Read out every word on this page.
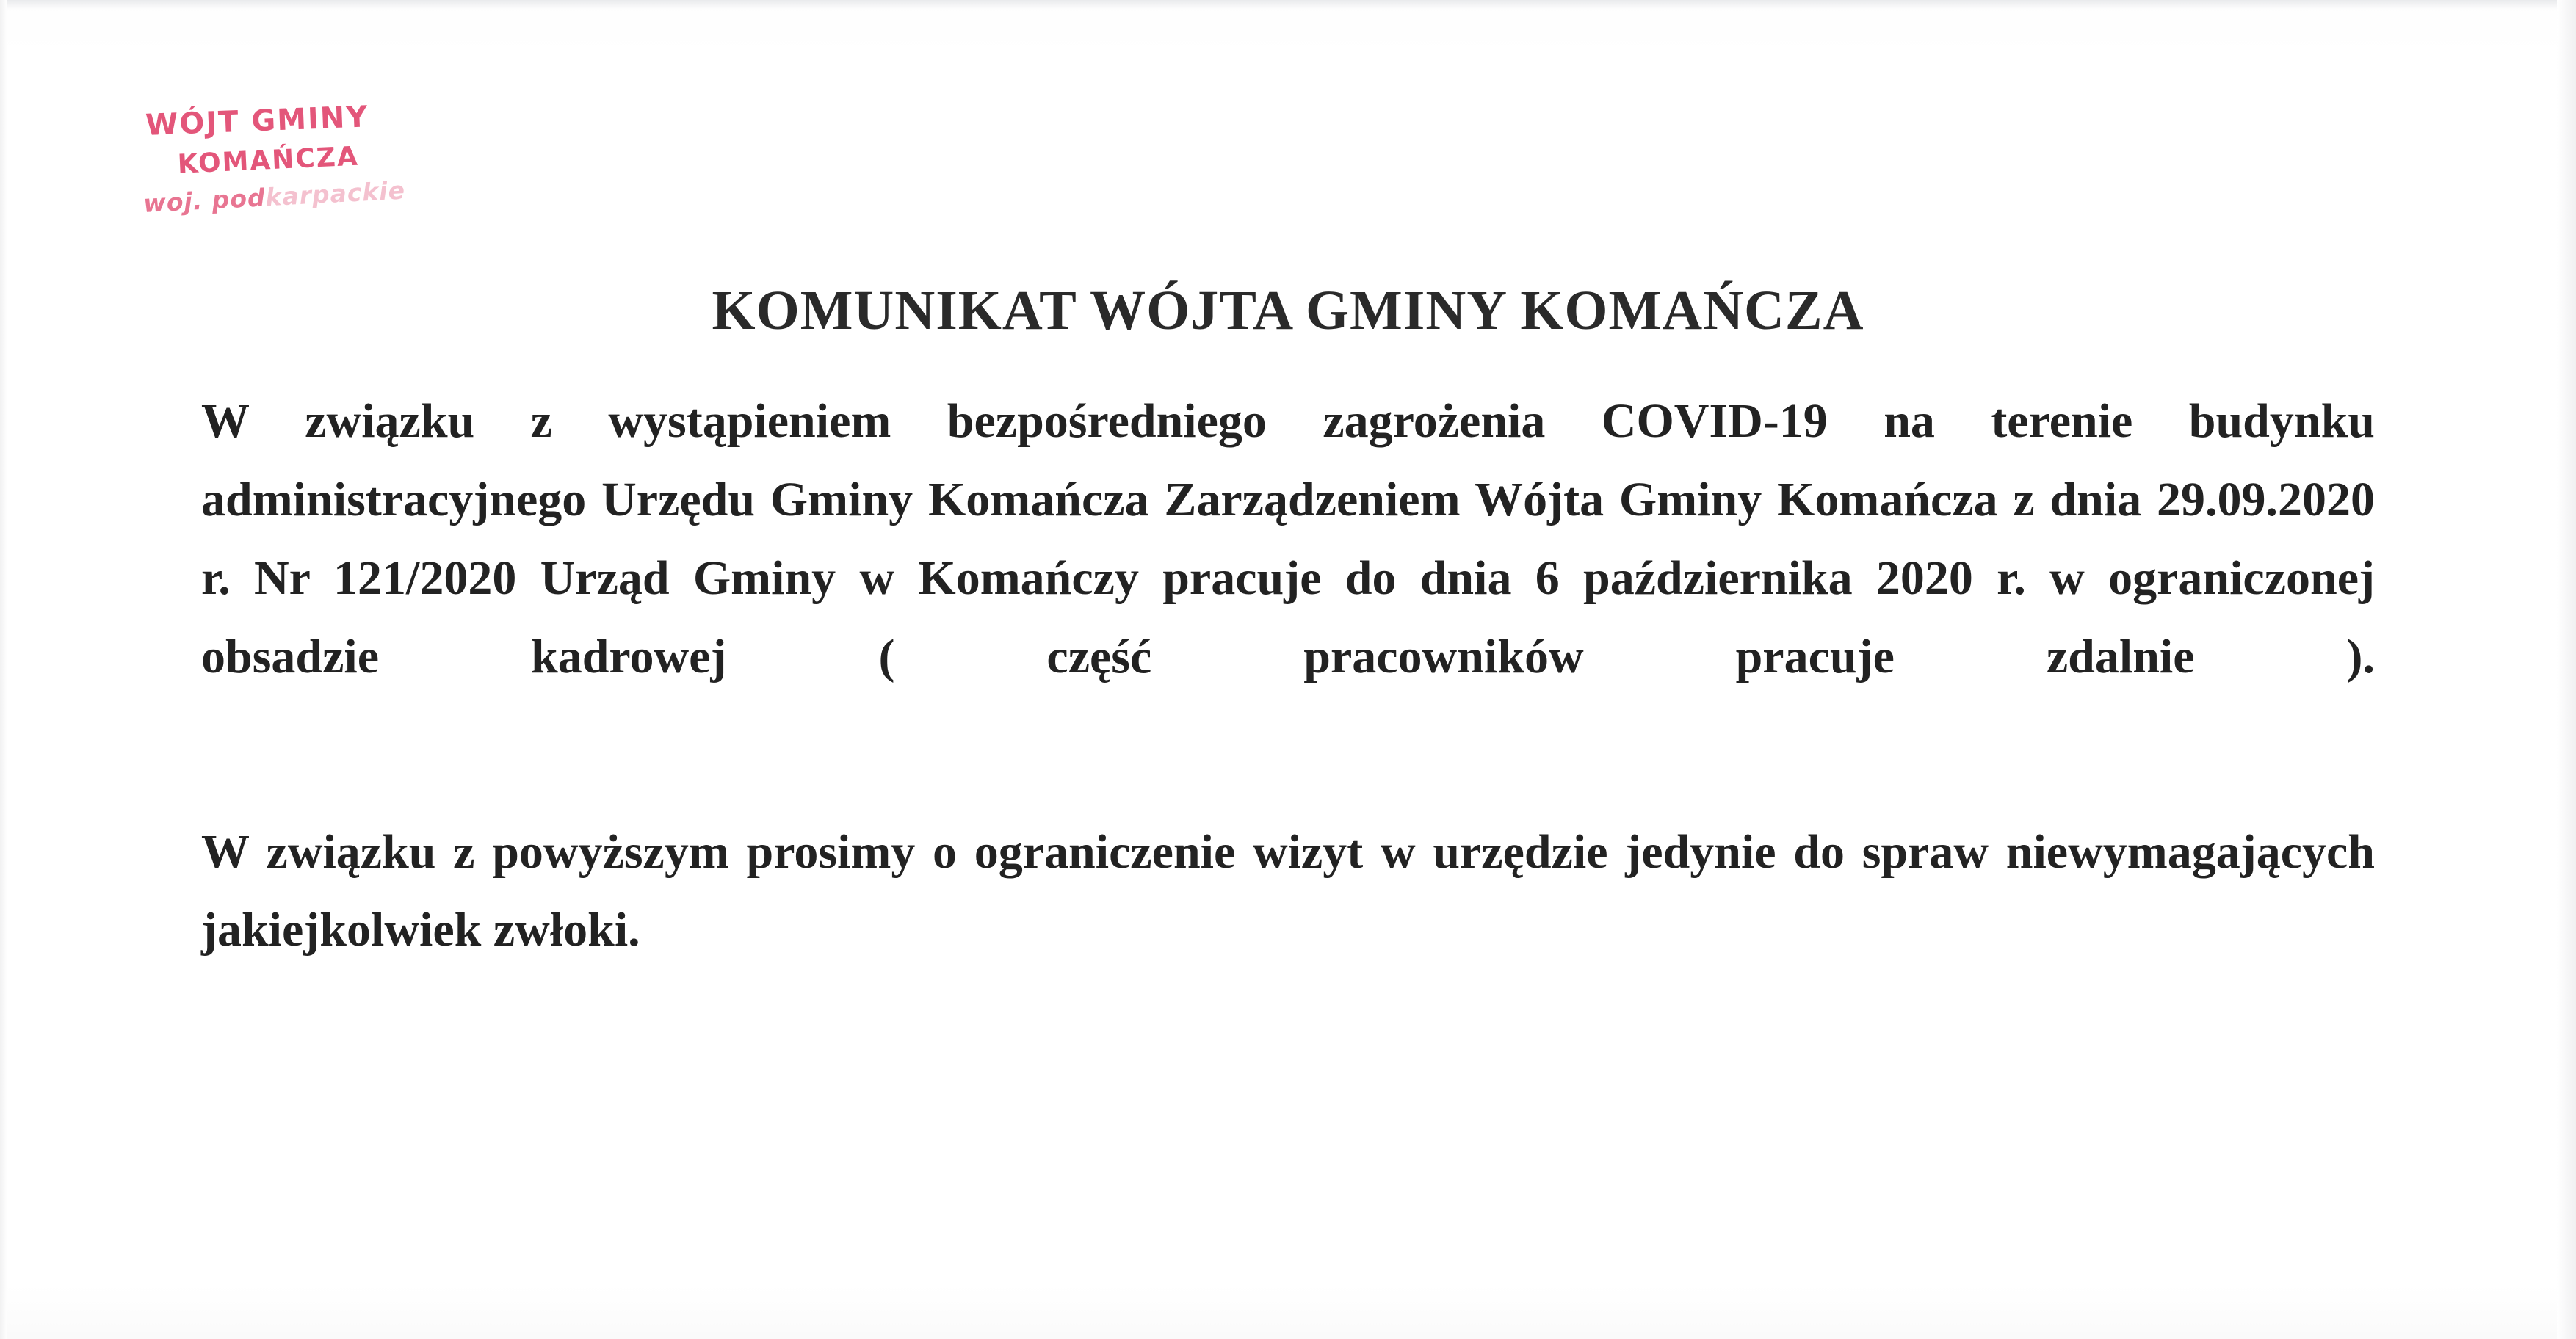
WÓJT GMINY
KOMAŃCZA
woj. podkarpackie
KOMUNIKAT WÓJTA GMINY KOMAŃCZA

W związku z wystąpieniem bezpośredniego zagrożenia COVID-19 na terenie budynku administracyjnego Urzędu Gminy Komańcza Zarządzeniem Wójta Gminy Komańcza z dnia 29.09.2020 r. Nr 121/2020 Urząd Gminy w Komańczy pracuje do dnia 6 października 2020 r. w ograniczonej obsadzie kadrowej ( część pracowników pracuje zdalnie ).

W związku z powyższym prosimy o ograniczenie wizyt w urzędzie jedynie do spraw niewymagających jakiejkolwiek zwłoki.
